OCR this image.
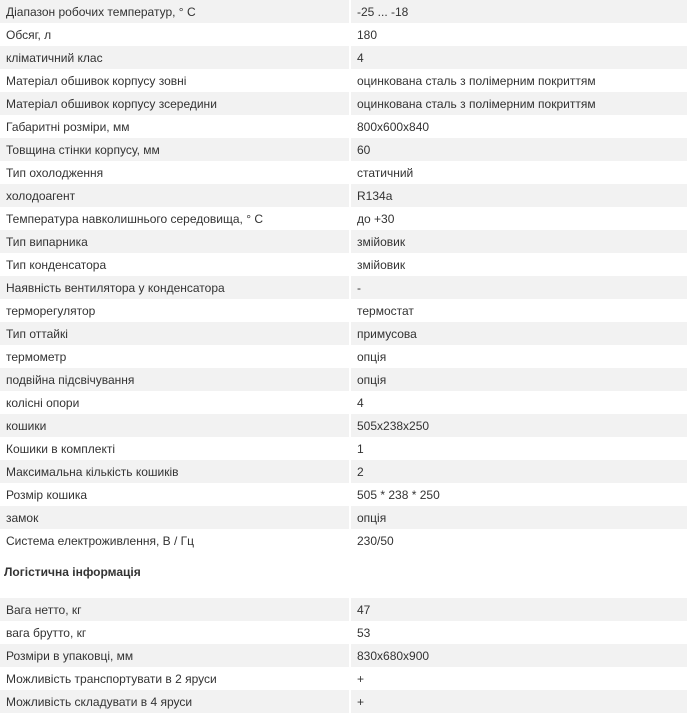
Діапазон робочих температур, ° C	-25 ... -18
Обсяг, л	180
кліматичний клас	4
Матеріал обшивок корпусу зовні	оцинкована сталь з полімерним покриттям
Матеріал обшивок корпусу зсередини	оцинкована сталь з полімерним покриттям
Габаритні розміри, мм	800х600х840
Товщина стінки корпусу, мм	60
Тип охолодження	статичний
холодоагент	R134a
Температура навколишнього середовища, ° C	до +30
Тип випарника	змійовик
Тип конденсатора	змійовик
Наявність вентилятора у конденсатора	-
терморегулятор	термостат
Тип оттайкі	примусова
термометр	опція
подвійна підсвічування	опція
колісні опори	4
кошики	505х238х250
Кошики в комплекті	1
Максимальна кількість кошиків	2
Розмір кошика	505 * 238 * 250
замок	опція
Система електроживлення, В / Гц	230/50
Логістична інформація
Вага нетто, кг	47
вага брутто, кг	53
Розміри в упаковці, мм	830х680х900
Можливість транспортувати в 2 яруси	+
Можливість складувати в 4 яруси	+
